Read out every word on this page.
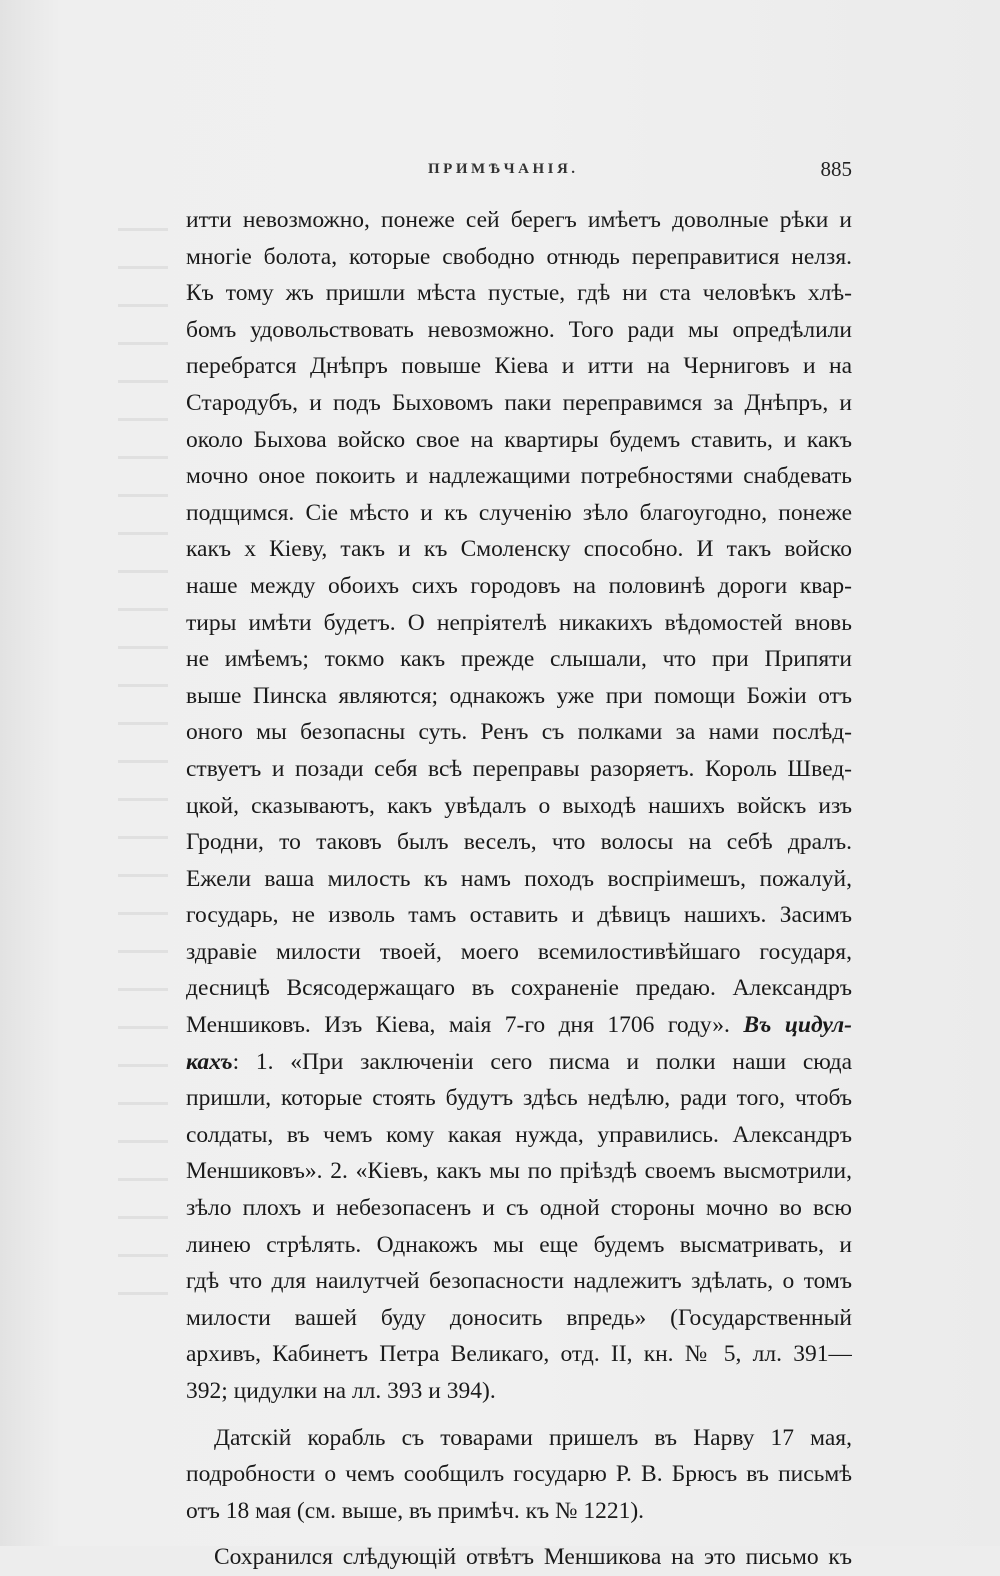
ПРИМѢЧАНІЯ.	885
итти невозможно, понеже сей берегъ имѣетъ доволные рѣки и
многіе болота, которые свободно отнюдь переправитися нелзя.
Къ тому жъ пришли мѣста пустые, гдѣ ни ста человѣкъ хлѣ-
бомъ удовольствовать невозможно. Того ради мы опредѣлили
перебратся Днѣпръ повыше Кіева и итти на Черниговъ и на
Стародубъ, и подъ Быховомъ паки переправимся за Днѣпръ, и
около Быхова войско свое на квартиры будемъ ставить, и какъ
мочно оное покоить и надлежащими потребностями снабдевать
подщимся. Сіе мѣсто и къ слученію зѣло благоугодно, понеже
какъ х Кіеву, такъ и къ Смоленску способно. И такъ войско
наше между обоихъ сихъ городовъ на половинѣ дороги квар-
тиры имѣти будетъ. О непріятелѣ никакихъ вѣдомостей вновь
не имѣемъ; токмо какъ прежде слышали, что при Припяти
выше Пинска являются; однакожъ уже при помощи Божіи отъ
оного мы безопасны суть. Ренъ съ полками за нами послѣд-
ствуетъ и позади себя всѣ переправы разоряетъ. Король Швед-
цкой, сказываютъ, какъ увѣдалъ о выходѣ нашихъ войскъ изъ
Гродни, то таковъ былъ веселъ, что волосы на себѣ дралъ.
Ежели ваша милость къ намъ походъ воспріимешъ, пожалуй,
государь, не изволь тамъ оставить и дѣвицъ нашихъ. Засимъ
здравіе милости твоей, моего всемилостивѣйшаго государя,
десницѣ Всясодержащаго въ сохраненіе предаю. Александръ
Меншиковъ. Изъ Кіева, маія 7-го дня 1706 году». Въ цидул-
кахъ: 1. «При заключеніи сего писма и полки наши сюда
пришли, которые стоять будутъ здѣсь недѣлю, ради того, чтобъ
солдаты, въ чемъ кому какая нужда, управились. Александръ
Меншиковъ». 2. «Кіевъ, какъ мы по пріѣздѣ своемъ высмотрили,
зѣло плохъ и небезопасенъ и съ одной стороны мочно во всю
линею стрѣлять. Однакожъ мы еще будемъ высматривать, и
гдѣ что для наилутчей безопасности надлежитъ здѣлать, о томъ
милости вашей буду доносить впредь» (Государственный
архивъ, Кабинетъ Петра Великаго, отд. II, кн. № 5, лл. 391—
392; цидулки на лл. 393 и 394).
Датскій корабль съ товарами пришелъ въ Нарву 17 мая,
подробности о чемъ сообщилъ государю Р. В. Брюсъ въ письмѣ
отъ 18 мая (см. выше, въ примѣч. къ № 1221).
Сохранился слѣдующій отвѣтъ Меншикова на это письмо къ
